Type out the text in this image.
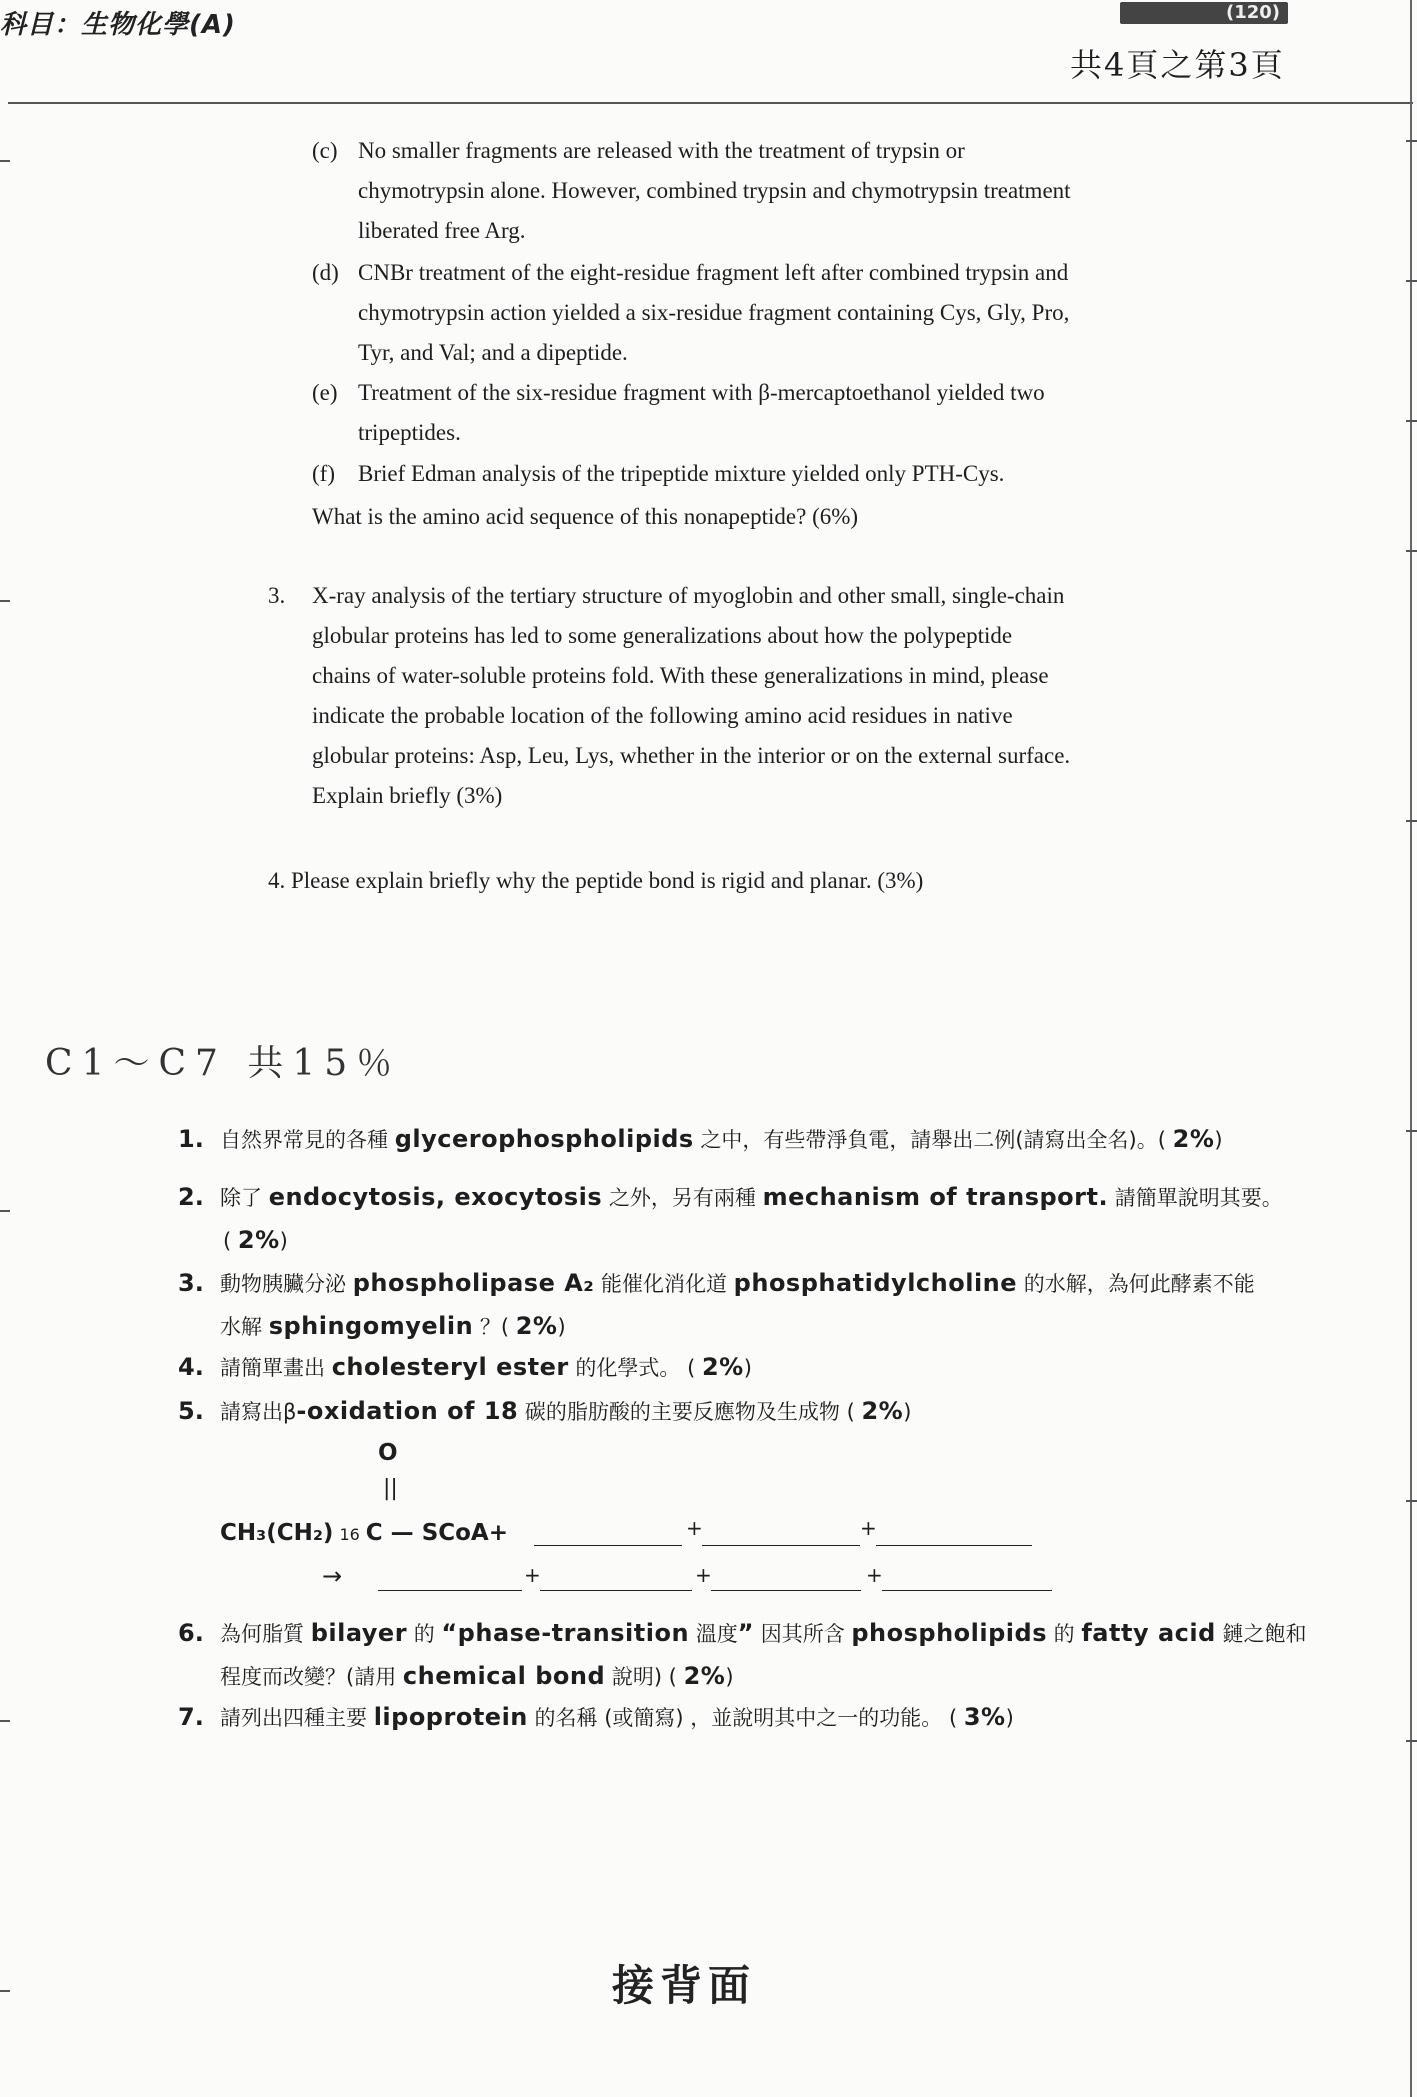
科目：生物化學(A)	(120)
共4頁之第3頁
(c) No smaller fragments are released with the treatment of trypsin or
chymotrypsin alone. However, combined trypsin and chymotrypsin treatment
liberated free Arg.
(d) CNBr treatment of the eight-residue fragment left after combined trypsin and
chymotrypsin action yielded a six-residue fragment containing Cys, Gly, Pro,
Tyr, and Val; and a dipeptide.
(e) Treatment of the six-residue fragment with β-mercaptoethanol yielded two
tripeptides.
(f) Brief Edman analysis of the tripeptide mixture yielded only PTH-Cys.
What is the amino acid sequence of this nonapeptide? (6%)
3. X-ray analysis of the tertiary structure of myoglobin and other small, single-chain
globular proteins has led to some generalizations about how the polypeptide
chains of water-soluble proteins fold. With these generalizations in mind, please
indicate the probable location of the following amino acid residues in native
globular proteins: Asp, Leu, Lys, whether in the interior or on the external surface.
Explain briefly (3%)
4. Please explain briefly why the peptide bond is rigid and planar. (3%)
C1～C7 共15％
1. 自然界常見的各種 glycerophospholipids 之中，有些帶淨負電，請舉出二例(請寫出全名)。( 2%)
2. 除了 endocytosis, exocytosis 之外，另有兩種 mechanism of transport. 請簡單說明其要。
( 2%)
3. 動物胰臟分泌 phospholipase A₂ 能催化消化道 phosphatidylcholine 的水解，為何此酵素不能
水解 sphingomyelin ？( 2%)
4. 請簡單畫出 cholesteryl ester 的化學式。 ( 2%)
5. 請寫出β-oxidation of 18 碳的脂肪酸的主要反應物及生成物 ( 2%)
O
||
CH₃(CH₂) 16 C — SCoA+	+	+
→	+	+	+
6. 為何脂質 bilayer 的 “phase-transition 溫度” 因其所含 phospholipids 的 fatty acid 鏈之飽和
程度而改變？(請用 chemical bond 說明) ( 2%)
7. 請列出四種主要 lipoprotein 的名稱 (或簡寫) ，並說明其中之一的功能。 ( 3%)
接背面
